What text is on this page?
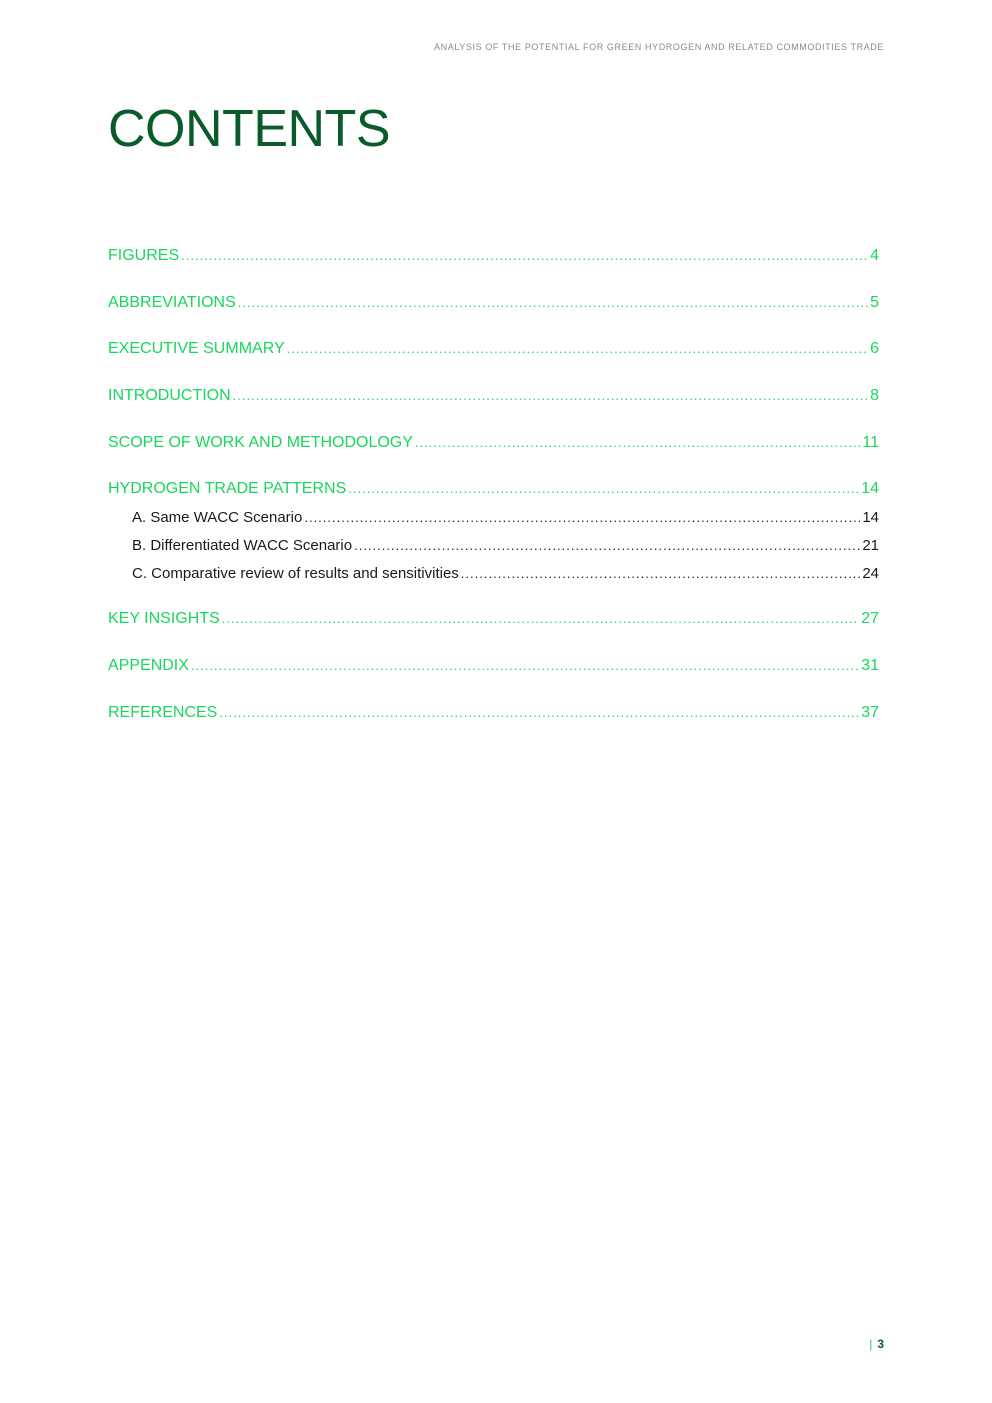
ANALYSIS OF THE POTENTIAL FOR GREEN HYDROGEN AND RELATED COMMODITIES TRADE
CONTENTS
FIGURES .....	4
ABBREVIATIONS .....	5
EXECUTIVE SUMMARY .....	6
INTRODUCTION .....	8
SCOPE OF WORK AND METHODOLOGY .....	11
HYDROGEN TRADE PATTERNS .....	14
A. Same WACC Scenario .....	14
B. Differentiated WACC Scenario .....	21
C. Comparative review of results and sensitivities .....	24
KEY INSIGHTS .....	27
APPENDIX .....	31
REFERENCES .....	37
| 3
